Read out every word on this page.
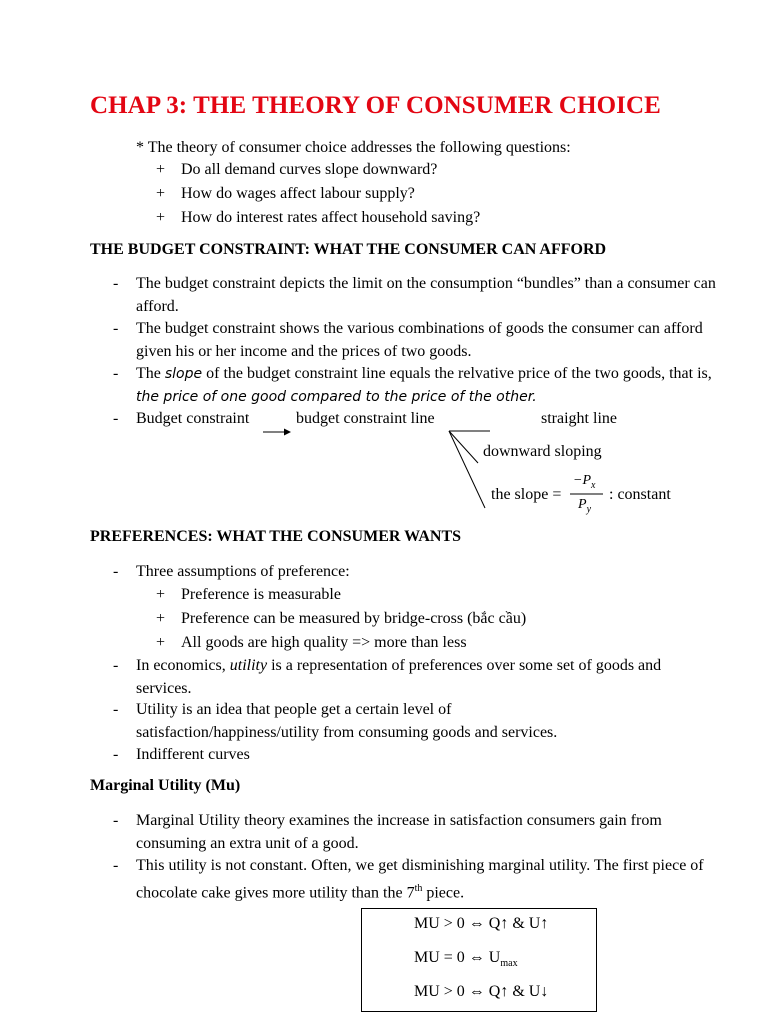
CHAP 3: THE THEORY OF CONSUMER CHOICE
* The theory of consumer choice addresses the following questions:
+ Do all demand curves slope downward?
+ How do wages affect labour supply?
+ How do interest rates affect household saving?
THE BUDGET CONSTRAINT: WHAT THE CONSUMER CAN AFFORD
- The budget constraint depicts the limit on the consumption “bundles” than a consumer can afford.
- The budget constraint shows the various combinations of goods the consumer can afford given his or her income and the prices of two goods.
- The slope of the budget constraint line equals the relvative price of the two goods, that is, the price of one good compared to the price of the other.
- Budget constraint	budget constraint line	straight line
downward sloping
the slope =
$-P_x$
$P_y$
: constant
PREFERENCES: WHAT THE CONSUMER WANTS
- Three assumptions of preference:
+ Preference is measurable
+ Preference can be measured by bridge-cross (bắc cầu)
+ All goods are high quality => more than less
- In economics, utility is a representation of preferences over some set of goods and services.
- Utility is an idea that people get a certain level of satisfaction/happiness/utility from consuming goods and services.
- Indifferent curves
Marginal Utility (Mu)
- Marginal Utility theory examines the increase in satisfaction consumers gain from consuming an extra unit of a good.
- This utility is not constant. Often, we get disminishing marginal utility. The first piece of chocolate cake gives more utility than the 7th piece.
MU > 0 ⇔ Q↑ & U↑
MU = 0 ⇔ $U_{max}$
MU > 0 ⇔ Q↑ & U↓
